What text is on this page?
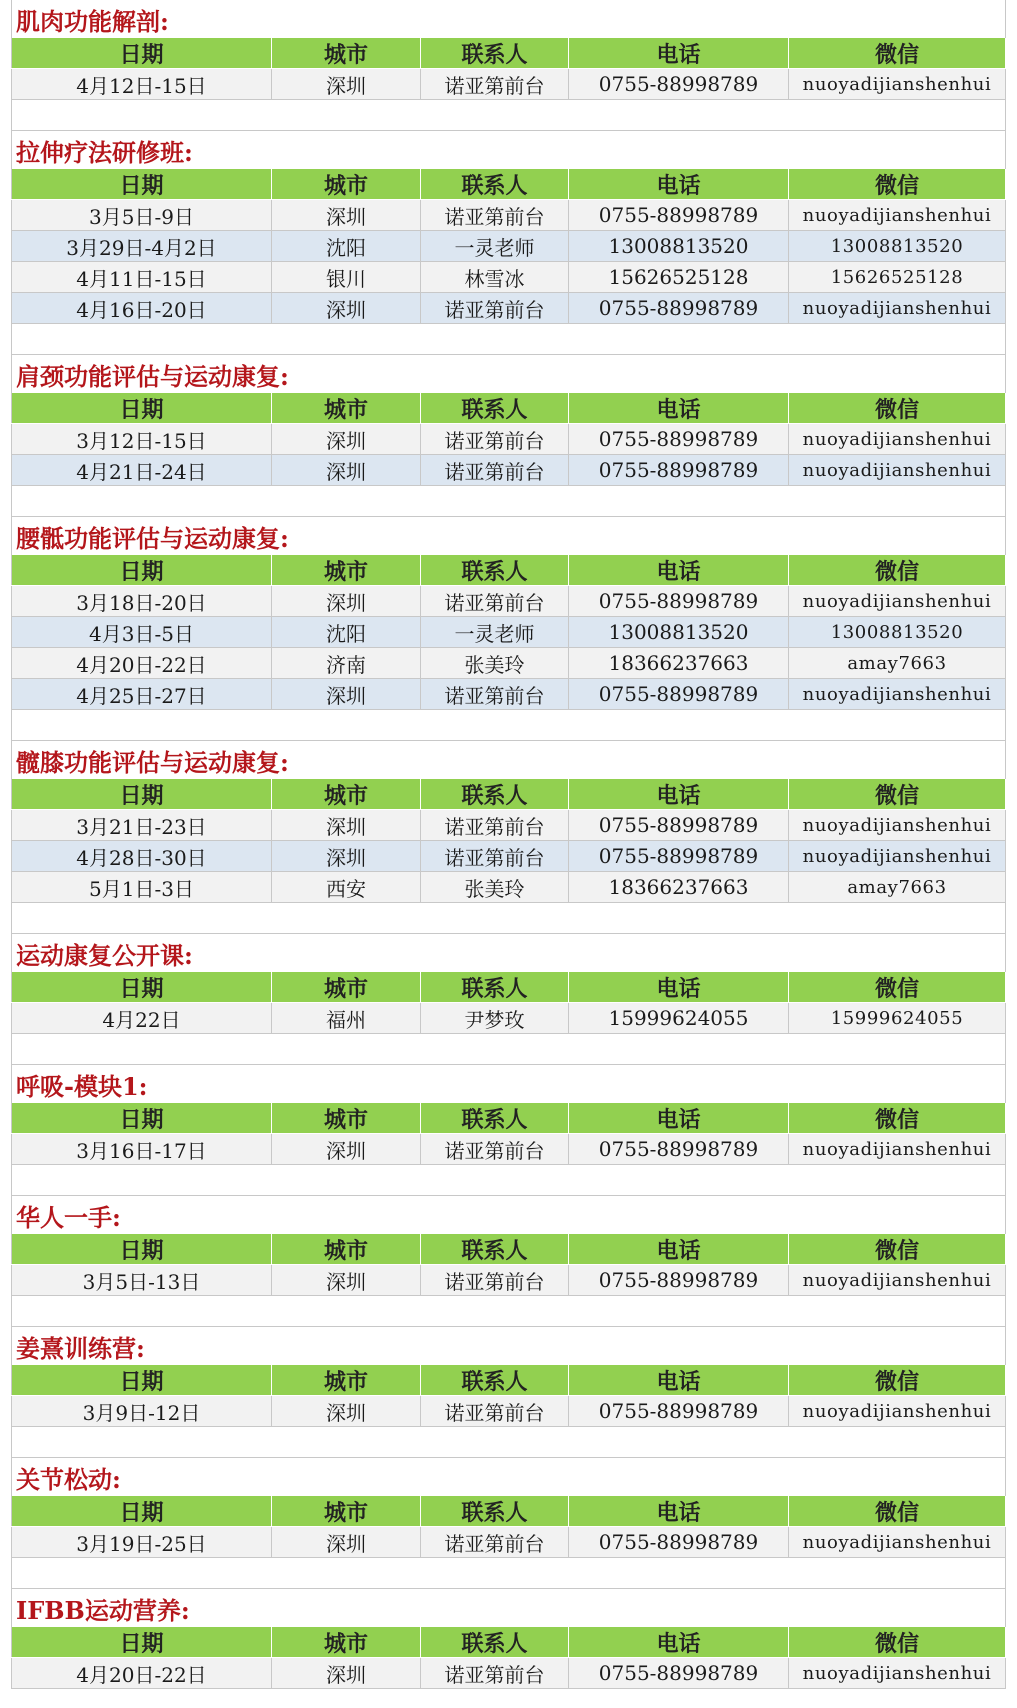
肌肉功能解剖:
日期	城市	联系人	电话	微信
4月12日-15日	深圳	诺亚第前台	0755-88998789	nuoyadijianshenhui
拉伸疗法研修班:
日期	城市	联系人	电话	微信
3月5日-9日	深圳	诺亚第前台	0755-88998789	nuoyadijianshenhui
3月29日-4月2日	沈阳	一灵老师	13008813520	13008813520
4月11日-15日	银川	林雪冰	15626525128	15626525128
4月16日-20日	深圳	诺亚第前台	0755-88998789	nuoyadijianshenhui
肩颈功能评估与运动康复:
日期	城市	联系人	电话	微信
3月12日-15日	深圳	诺亚第前台	0755-88998789	nuoyadijianshenhui
4月21日-24日	深圳	诺亚第前台	0755-88998789	nuoyadijianshenhui
腰骶功能评估与运动康复:
日期	城市	联系人	电话	微信
3月18日-20日	深圳	诺亚第前台	0755-88998789	nuoyadijianshenhui
4月3日-5日	沈阳	一灵老师	13008813520	13008813520
4月20日-22日	济南	张美玲	18366237663	amay7663
4月25日-27日	深圳	诺亚第前台	0755-88998789	nuoyadijianshenhui
髋膝功能评估与运动康复:
日期	城市	联系人	电话	微信
3月21日-23日	深圳	诺亚第前台	0755-88998789	nuoyadijianshenhui
4月28日-30日	深圳	诺亚第前台	0755-88998789	nuoyadijianshenhui
5月1日-3日	西安	张美玲	18366237663	amay7663
运动康复公开课:
日期	城市	联系人	电话	微信
4月22日	福州	尹梦玫	15999624055	15999624055
呼吸-模块1:
日期	城市	联系人	电话	微信
3月16日-17日	深圳	诺亚第前台	0755-88998789	nuoyadijianshenhui
华人一手:
日期	城市	联系人	电话	微信
3月5日-13日	深圳	诺亚第前台	0755-88998789	nuoyadijianshenhui
姜熹训练营:
日期	城市	联系人	电话	微信
3月9日-12日	深圳	诺亚第前台	0755-88998789	nuoyadijianshenhui
关节松动:
日期	城市	联系人	电话	微信
3月19日-25日	深圳	诺亚第前台	0755-88998789	nuoyadijianshenhui
IFBB运动营养:
日期	城市	联系人	电话	微信
4月20日-22日	深圳	诺亚第前台	0755-88998789	nuoyadijianshenhui
